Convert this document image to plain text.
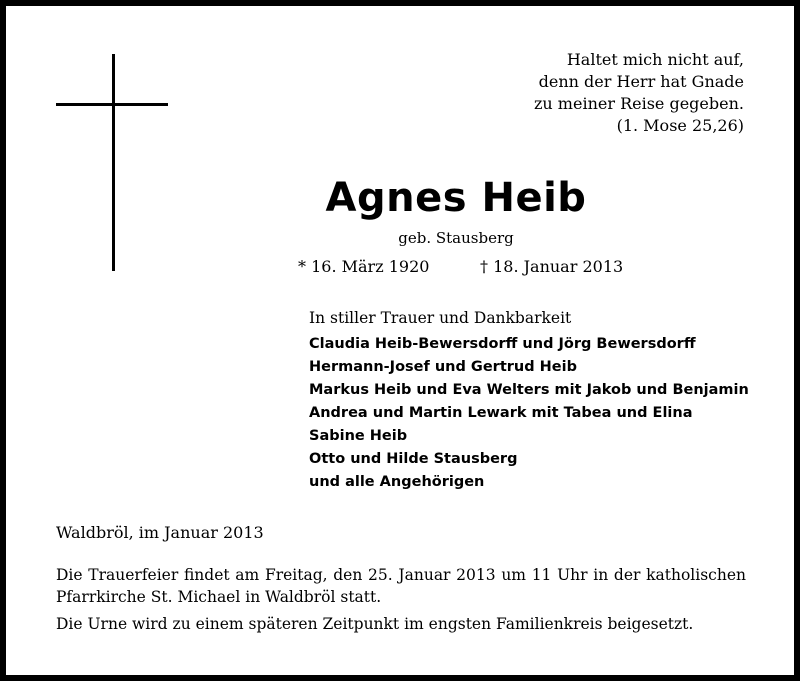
Haltet mich nicht auf,
denn der Herr hat Gnade
zu meiner Reise gegeben.
(1. Mose 25,26)
Agnes Heib
geb. Stausberg
* 16. März 1920	† 18. Januar 2013
In stiller Trauer und Dankbarkeit
Claudia Heib-Bewersdorff und Jörg Bewersdorff
Hermann-Josef und Gertrud Heib
Markus Heib und Eva Welters mit Jakob und Benjamin
Andrea und Martin Lewark mit Tabea und Elina
Sabine Heib
Otto und Hilde Stausberg
und alle Angehörigen
Waldbröl, im Januar 2013
Die Trauerfeier findet am Freitag, den 25. Januar 2013 um 11 Uhr in der katholischen Pfarrkirche St. Michael in Waldbröl statt.
Die Urne wird zu einem späteren Zeitpunkt im engsten Familienkreis beigesetzt.
